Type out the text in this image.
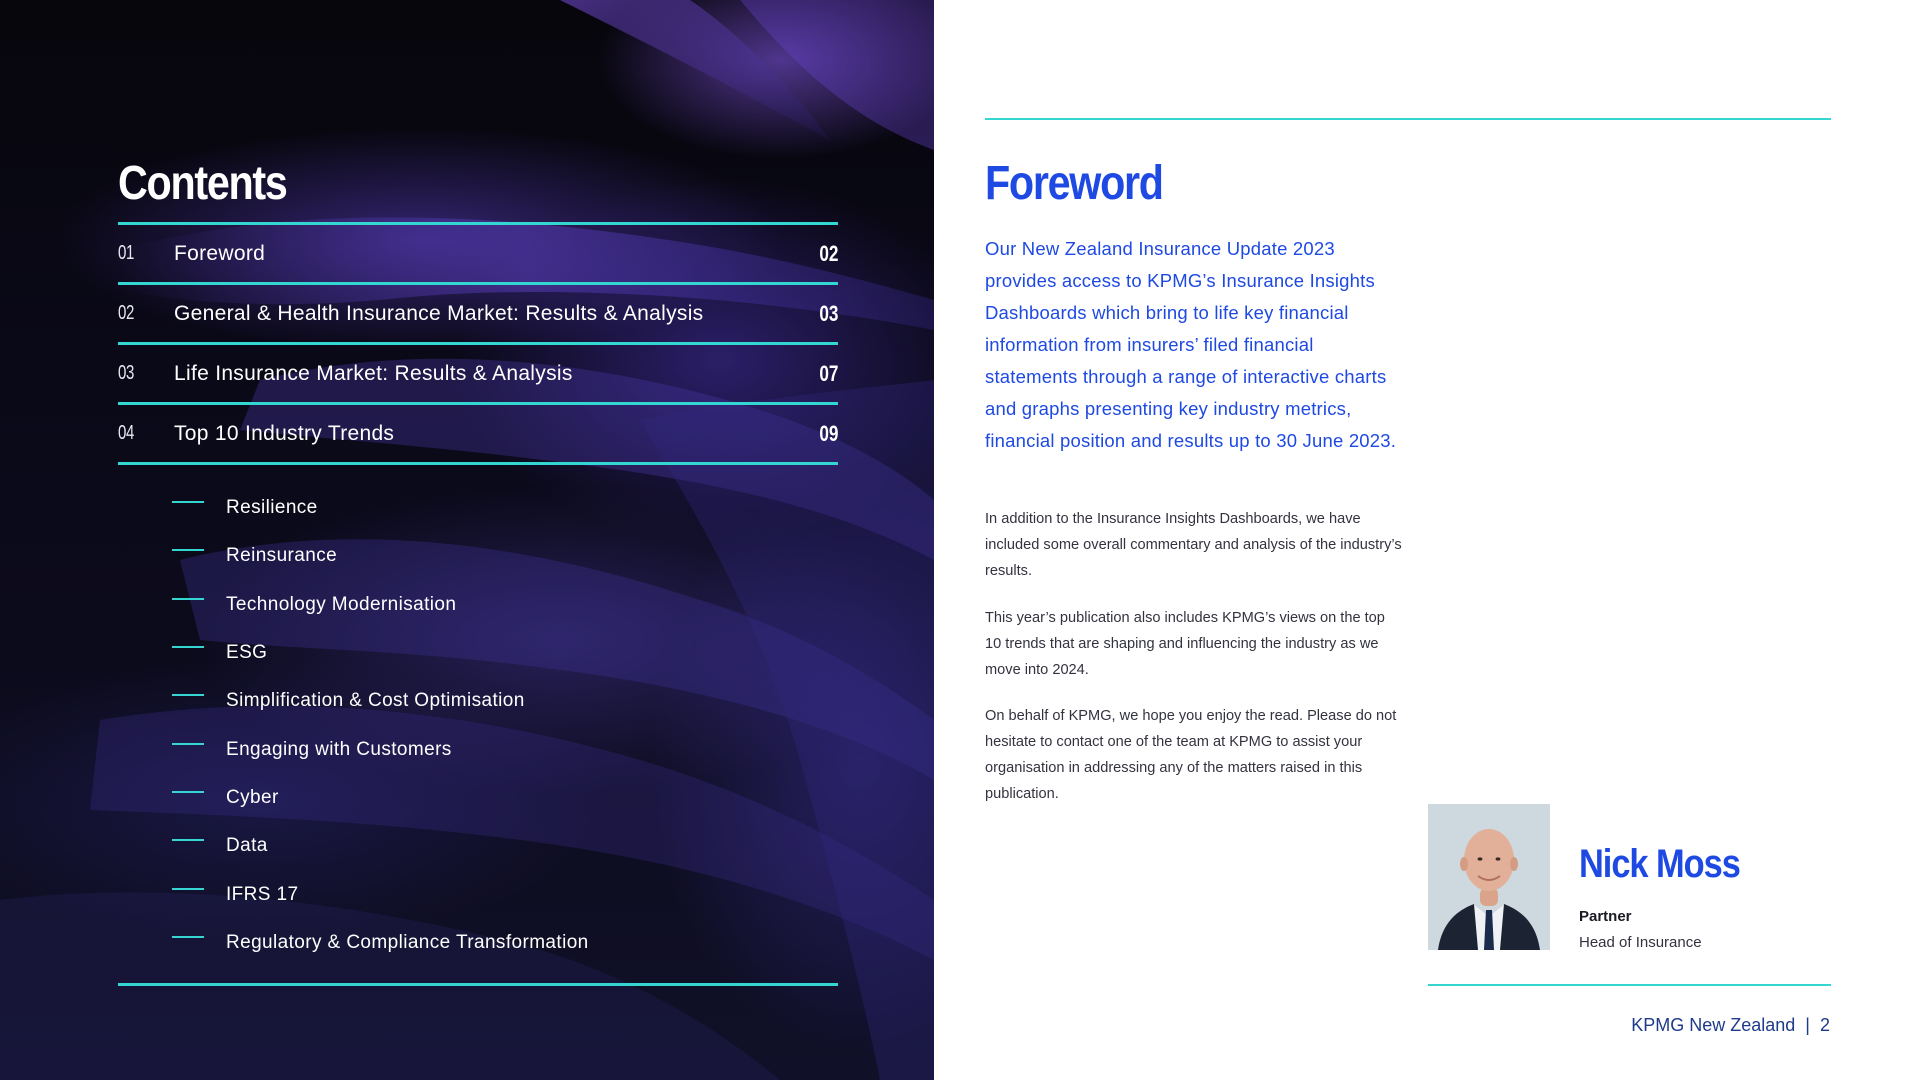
Contents
01	Foreword	02
02	General & Health Insurance Market: Results & Analysis	03
03	Life Insurance Market: Results & Analysis	07
04	Top 10 Industry Trends	09
Resilience
Reinsurance
Technology Modernisation
ESG
Simplification & Cost Optimisation
Engaging with Customers
Cyber
Data
IFRS 17
Regulatory & Compliance Transformation
Foreword

Our New Zealand Insurance Update 2023 provides access to KPMG’s Insurance Insights Dashboards which bring to life key financial information from insurers’ filed financial statements through a range of interactive charts and graphs presenting key industry metrics, financial position and results up to 30 June 2023.

In addition to the Insurance Insights Dashboards, we have included some overall commentary and analysis of the industry’s results.

This year’s publication also includes KPMG’s views on the top 10 trends that are shaping and influencing the industry as we move into 2024.

On behalf of KPMG, we hope you enjoy the read. Please do not hesitate to contact one of the team at KPMG to assist your organisation in addressing any of the matters raised in this publication.

Nick Moss
Partner
Head of Insurance
KPMG New Zealand | 2
